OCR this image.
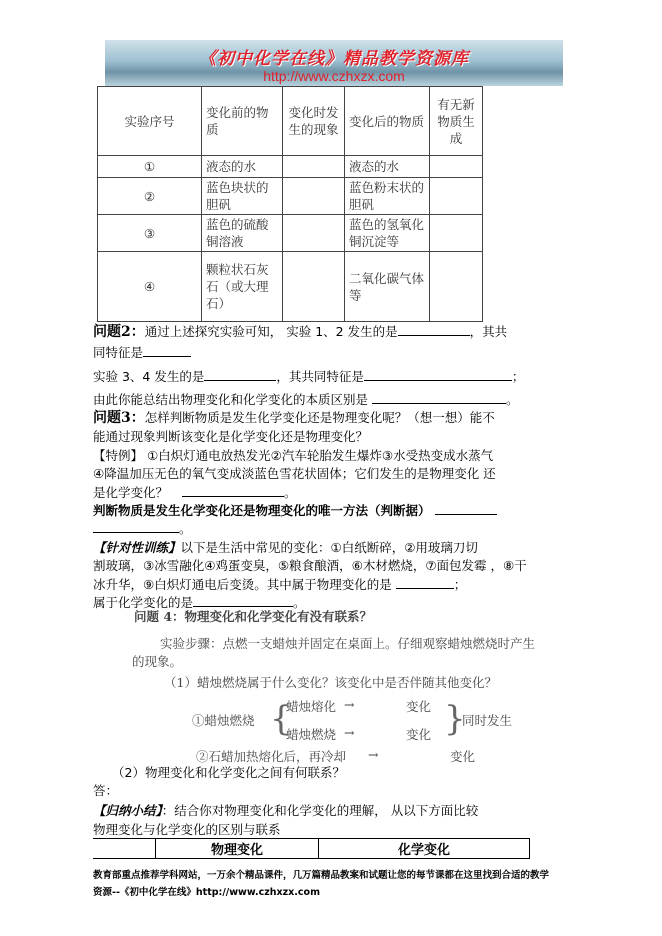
《初中化学在线》精品教学资源库
http://www.czhxzx.com
实验序号	变化前的物质	变化时发生的现象	变化后的物质	有无新物质生成
①	液态的水		液态的水	
②	蓝色块状的胆矾		蓝色粉末状的胆矾	
③	蓝色的硫酸铜溶液		蓝色的氢氧化铜沉淀等	
④	颗粒状石灰石（或大理石）		二氧化碳气体等	
问题2：通过上述探究实验可知， 实验 1、2 发生的是	，其共
同特征是
实验 3、4 发生的是	，其共同特征是	；
由此你能总结出物理变化和化学变化的本质区别是	。
问题3：怎样判断物质是发生化学变化还是物理变化呢？（想一想）能不
能通过现象判断该变化是化学变化还是物理变化？
【特例】 ①白炽灯通电放热发光②汽车轮胎发生爆炸③水受热变成水蒸气
④降温加压无色的氧气变成淡蓝色雪花状固体；它们发生的是物理变化 还
是化学变化？	。
判断物质是发生化学变化还是物理变化的唯一方法（判断据）
。
【针对性训练】以下是生活中常见的变化：①白纸断碎，②用玻璃刀切
割玻璃，③冰雪融化④鸡蛋变臭，⑤粮食酿酒，⑥木材燃烧，⑦面包发霉 ，⑧干
冰升华，⑨白炽灯通电后变烫。其中属于物理变化的是	；
属于化学变化的是	。
问题 4：物理变化和化学变化有没有联系？
实验步骤：点燃一支蜡烛并固定在桌面上。仔细观察蜡烛燃烧时产生
的现象。
（1）蜡烛燃烧属于什么变化？该变化中是否伴随其他变化？
①蜡烛燃烧 {
蜡烛熔化 →	变化
蜡烛燃烧 →	变化 }
同时发生
②石蜡加热熔化后，再冷却 →	变化
（2）物理变化和化学变化之间有何联系？
答：
【归纳小结】：结合你对物理变化和化学变化的理解， 从以下方面比较
物理变化与化学变化的区别与联系
	物理变化	化学变化
教育部重点推荐学科网站，一万余个精品课件，几万篇精品教案和试题让您的每节课都在这里找到合适的教学
资源--《初中化学在线》http://www.czhxzx.com
